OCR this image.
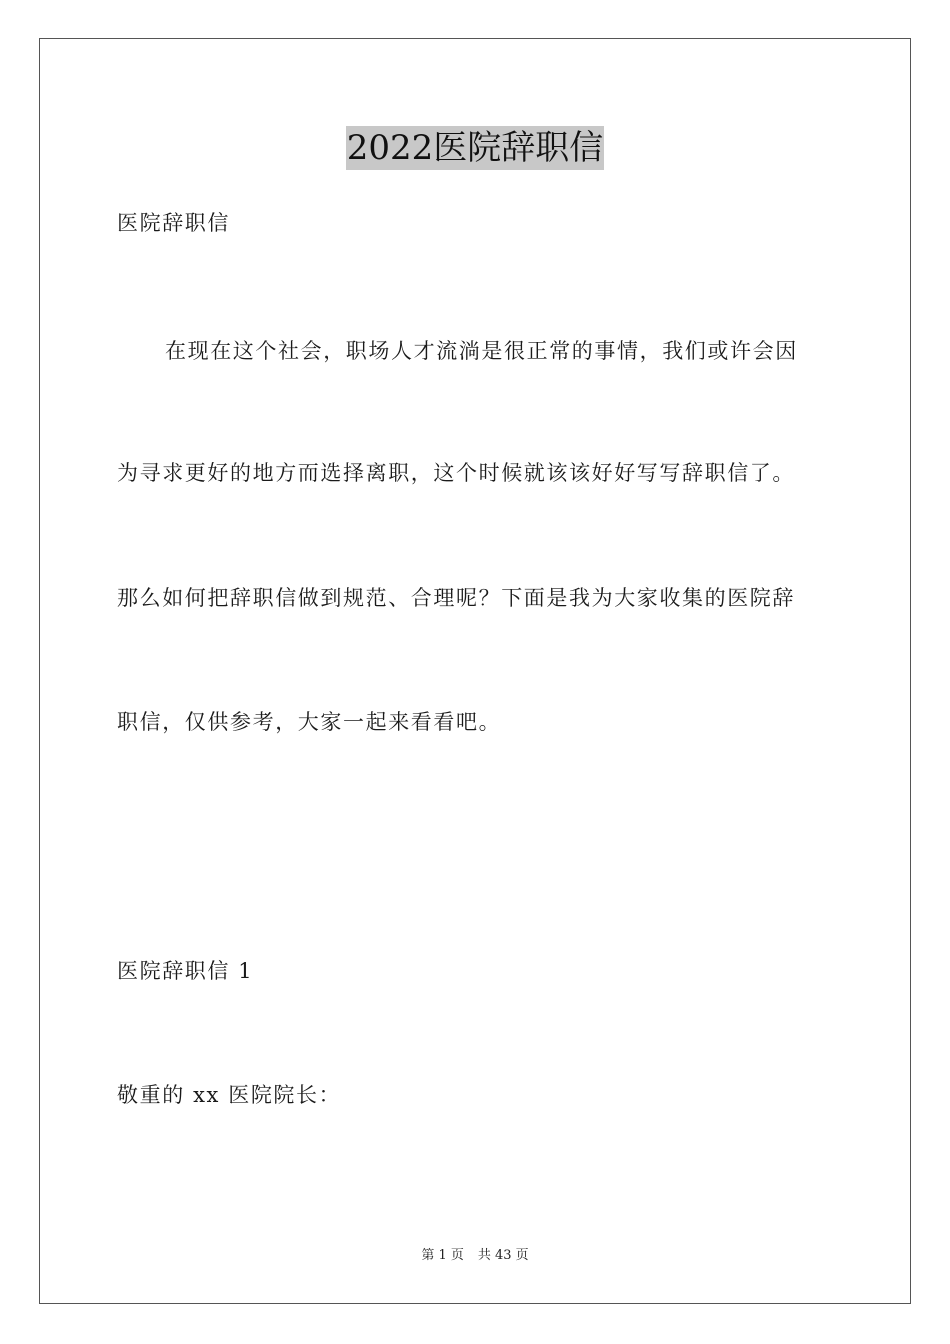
2022医院辞职信
医院辞职信
在现在这个社会，职场人才流淌是很正常的事情，我们或许会因
为寻求更好的地方而选择离职，这个时候就该该好好写写辞职信了。
那么如何把辞职信做到规范、合理呢？下面是我为大家收集的医院辞
职信，仅供参考，大家一起来看看吧。
医院辞职信 1
敬重的 xx 医院院长：
第 1 页 共 43 页
